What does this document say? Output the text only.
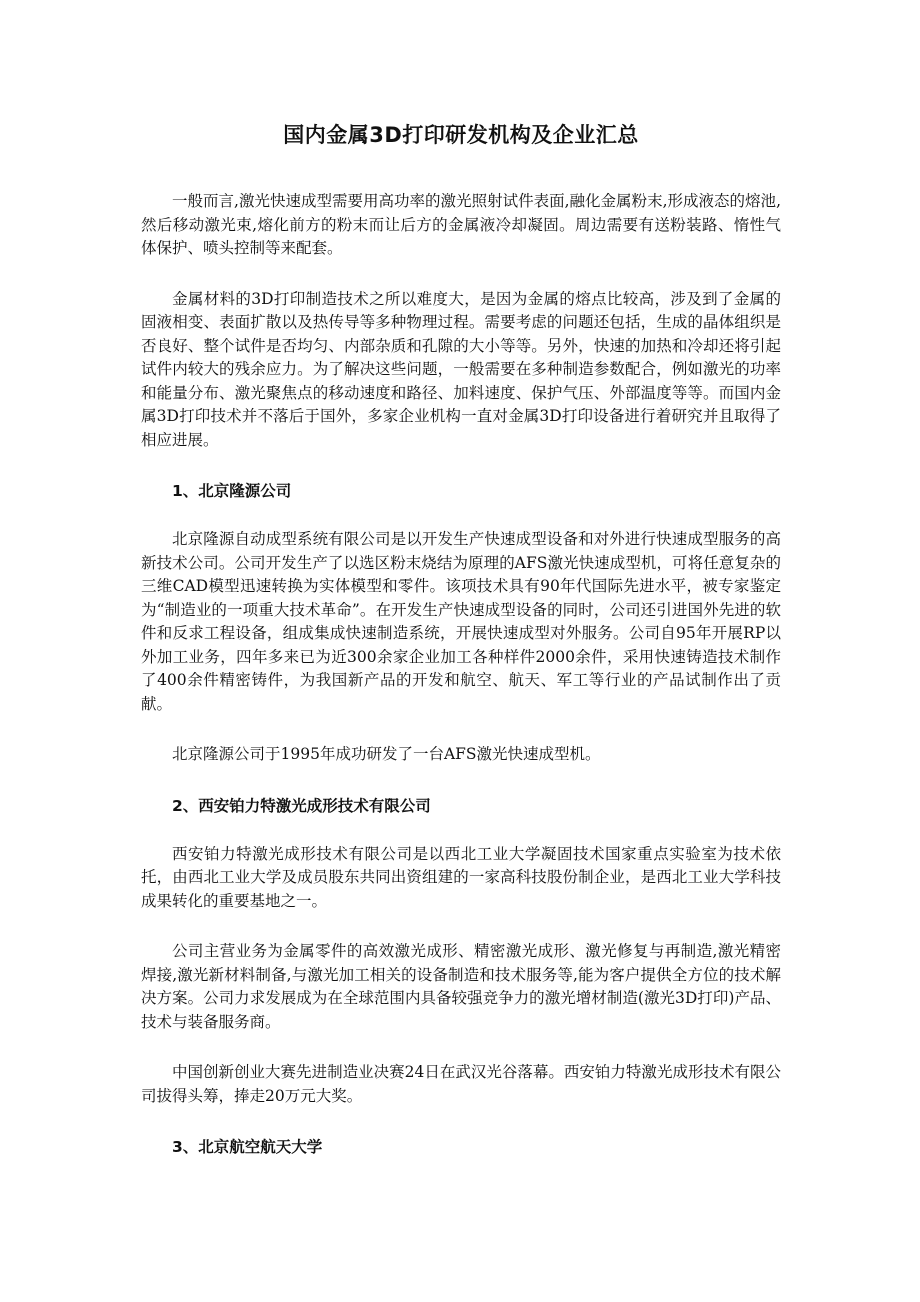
国内金属3D打印研发机构及企业汇总

一般而言,激光快速成型需要用高功率的激光照射试件表面,融化金属粉末,形成液态的熔池,然后移动激光束,熔化前方的粉末而让后方的金属液冷却凝固。周边需要有送粉装路、惰性气体保护、喷头控制等来配套。

金属材料的3D打印制造技术之所以难度大，是因为金属的熔点比较高，涉及到了金属的固液相变、表面扩散以及热传导等多种物理过程。需要考虑的问题还包括，生成的晶体组织是否良好、整个试件是否均匀、内部杂质和孔隙的大小等等。另外，快速的加热和冷却还将引起试件内较大的残余应力。为了解决这些问题，一般需要在多种制造参数配合，例如激光的功率和能量分布、激光聚焦点的移动速度和路径、加料速度、保护气压、外部温度等等。而国内金属3D打印技术并不落后于国外，多家企业机构一直对金属3D打印设备进行着研究并且取得了相应进展。

1、北京隆源公司

北京隆源自动成型系统有限公司是以开发生产快速成型设备和对外进行快速成型服务的高新技术公司。公司开发生产了以选区粉末烧结为原理的AFS激光快速成型机，可将任意复杂的三维CAD模型迅速转换为实体模型和零件。该项技术具有90年代国际先进水平，被专家鉴定为“制造业的一项重大技术革命”。在开发生产快速成型设备的同时，公司还引进国外先进的软件和反求工程设备，组成集成快速制造系统，开展快速成型对外服务。公司自95年开展RP以外加工业务，四年多来已为近300余家企业加工各种样件2000余件，采用快速铸造技术制作了400余件精密铸件，为我国新产品的开发和航空、航天、军工等行业的产品试制作出了贡献。

北京隆源公司于1995年成功研发了一台AFS激光快速成型机。

2、西安铂力特激光成形技术有限公司

西安铂力特激光成形技术有限公司是以西北工业大学凝固技术国家重点实验室为技术依托，由西北工业大学及成员股东共同出资组建的一家高科技股份制企业，是西北工业大学科技成果转化的重要基地之一。

公司主营业务为金属零件的高效激光成形、精密激光成形、激光修复与再制造,激光精密焊接,激光新材料制备,与激光加工相关的设备制造和技术服务等,能为客户提供全方位的技术解决方案。公司力求发展成为在全球范围内具备较强竞争力的激光增材制造(激光3D打印)产品、技术与装备服务商。

中国创新创业大赛先进制造业决赛24日在武汉光谷落幕。西安铂力特激光成形技术有限公司拔得头筹，捧走20万元大奖。

3、北京航空航天大学
